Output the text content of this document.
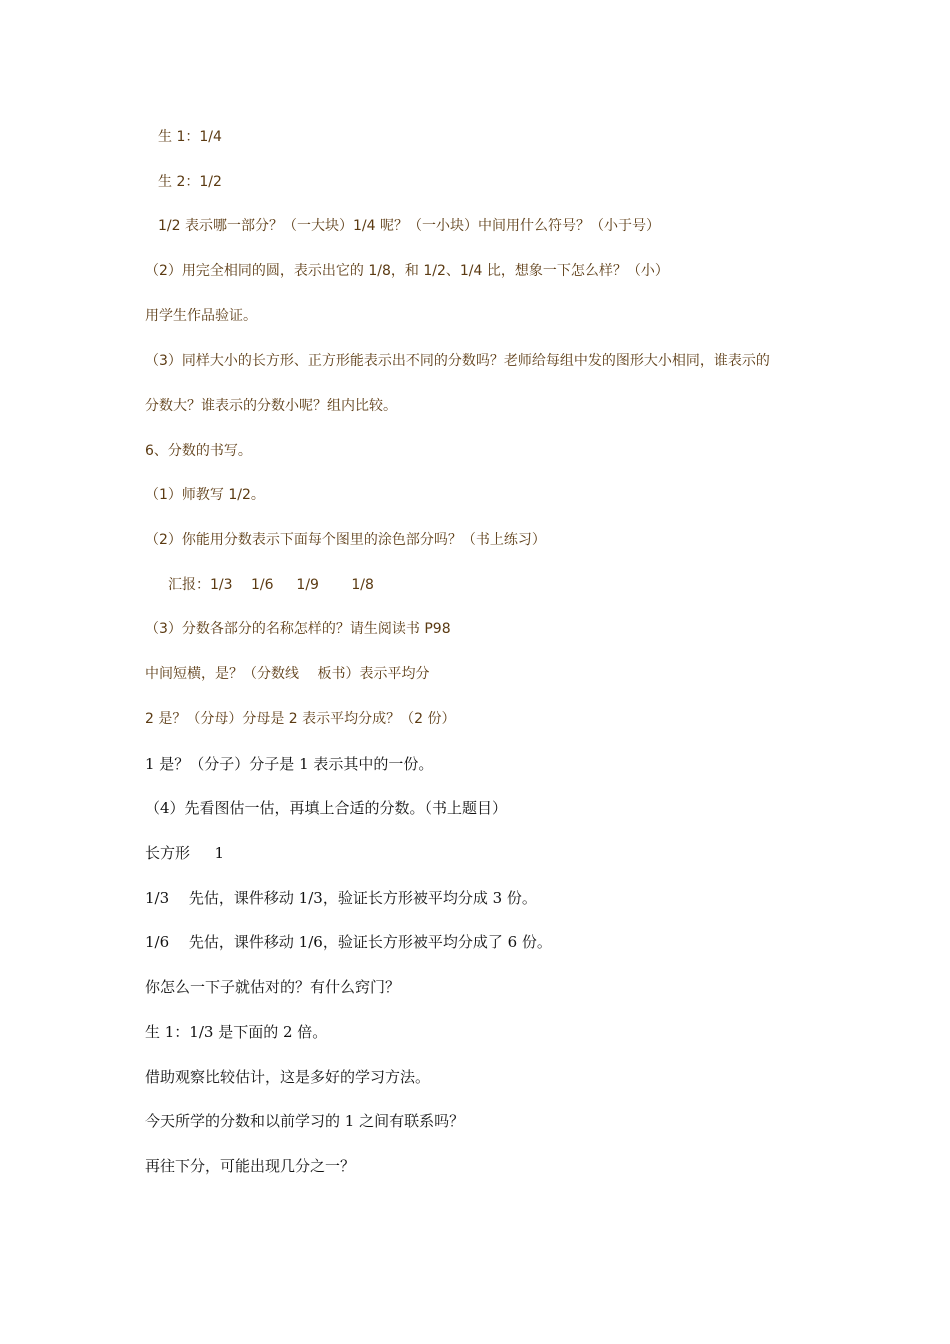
生 1：1/4
生 2：1/2
1/2 表示哪一部分？（一大块）1/4 呢？（一小块）中间用什么符号？（小于号）
（2）用完全相同的圆，表示出它的 1/8，和 1/2、1/4 比，想象一下怎么样？（小）
用学生作品验证。
（3）同样大小的长方形、正方形能表示出不同的分数吗？老师给每组中发的图形大小相同，谁表示的
分数大？谁表示的分数小呢？组内比较。
6、分数的书写。
（1）师教写 1/2。
（2）你能用分数表示下面每个图里的涂色部分吗？（书上练习）
汇报：1/3　 1/6 　 1/9 　　1/8
（3）分数各部分的名称怎样的？请生阅读书 P98
中间短横，是？（分数线　 板书）表示平均分
2 是？（分母）分母是 2 表示平均分成？（2 份）
1 是？（分子）分子是 1 表示其中的一份。
（4）先看图估一估，再填上合适的分数。（书上题目）
长方形 　 1
1/3 　先估，课件移动 1/3，验证长方形被平均分成 3 份。
1/6 　先估，课件移动 1/6，验证长方形被平均分成了 6 份。
你怎么一下子就估对的？有什么窍门？
生 1：1/3 是下面的 2 倍。
借助观察比较估计，这是多好的学习方法。
今天所学的分数和以前学习的 1 之间有联系吗？
再往下分，可能出现几分之一？
